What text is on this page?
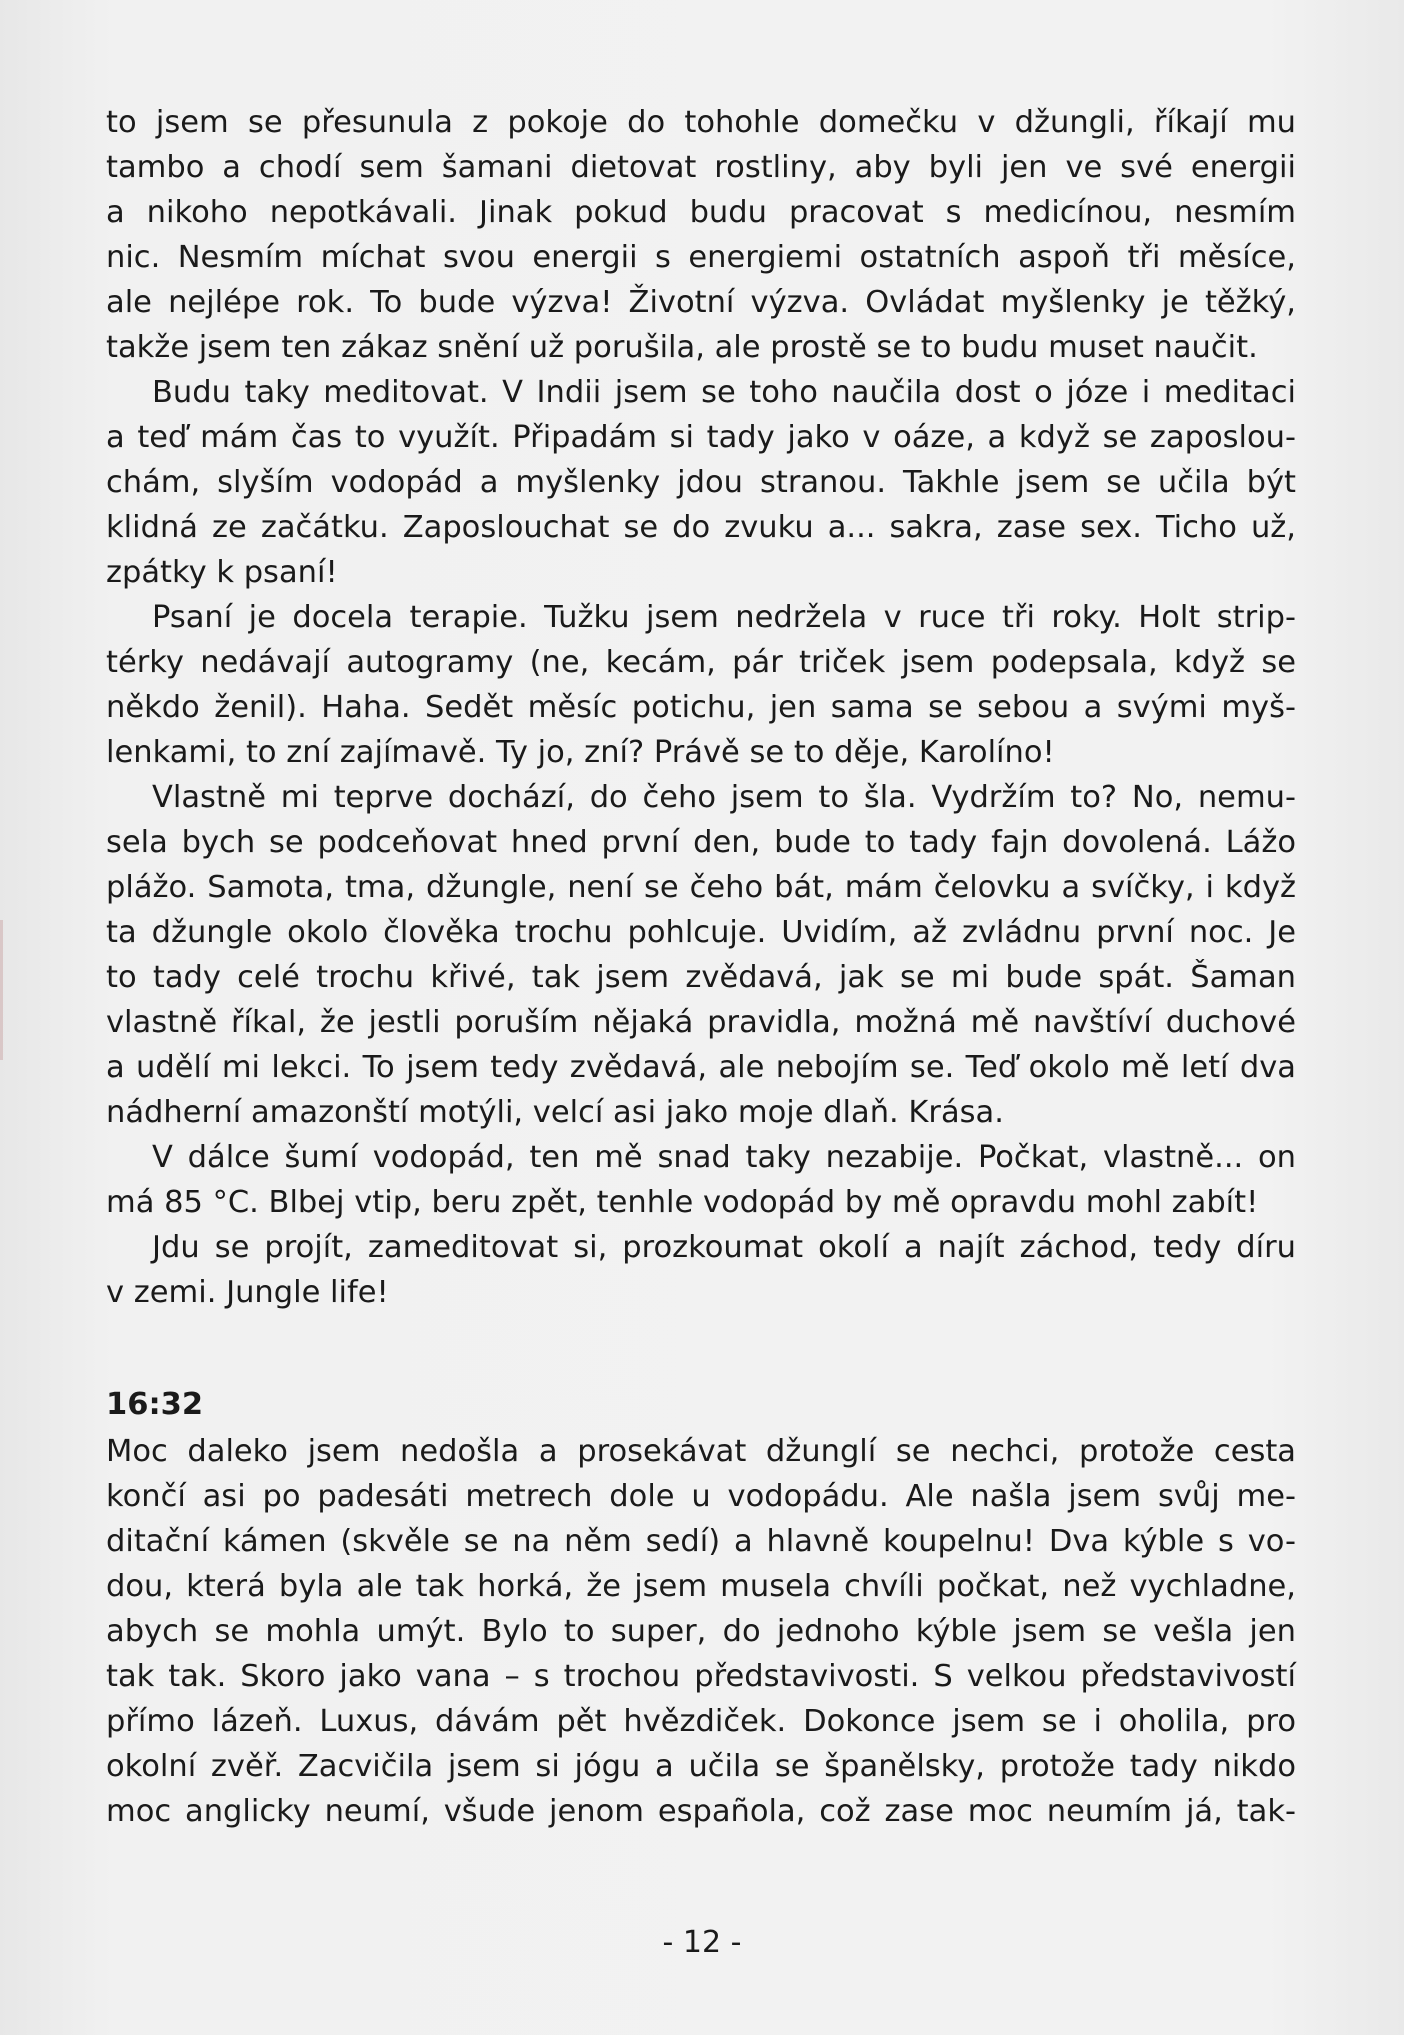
to jsem se přesunula z pokoje do tohohle domečku v džungli, říkají mu
tambo a chodí sem šamani dietovat rostliny, aby byli jen ve své energii
a nikoho nepotkávali. Jinak pokud budu pracovat s medicínou, nesmím
nic. Nesmím míchat svou energii s energiemi ostatních aspoň tři měsíce,
ale nejlépe rok. To bude výzva! Životní výzva. Ovládat myšlenky je těžký,
takže jsem ten zákaz snění už porušila, ale prostě se to budu muset naučit.
Budu taky meditovat. V Indii jsem se toho naučila dost o józe i meditaci
a teď mám čas to využít. Připadám si tady jako v oáze, a když se zaposlou-
chám, slyším vodopád a myšlenky jdou stranou. Takhle jsem se učila být
klidná ze začátku. Zaposlouchat se do zvuku a... sakra, zase sex. Ticho už,
zpátky k psaní!
Psaní je docela terapie. Tužku jsem nedržela v ruce tři roky. Holt strip-
térky nedávají autogramy (ne, kecám, pár triček jsem podepsala, když se
někdo ženil). Haha. Sedět měsíc potichu, jen sama se sebou a svými myš-
lenkami, to zní zajímavě. Ty jo, zní? Právě se to děje, Karolíno!
Vlastně mi teprve dochází, do čeho jsem to šla. Vydržím to? No, nemu-
sela bych se podceňovat hned první den, bude to tady fajn dovolená. Lážo
plážo. Samota, tma, džungle, není se čeho bát, mám čelovku a svíčky, i když
ta džungle okolo člověka trochu pohlcuje. Uvidím, až zvládnu první noc. Je
to tady celé trochu křivé, tak jsem zvědavá, jak se mi bude spát. Šaman
vlastně říkal, že jestli poruším nějaká pravidla, možná mě navštíví duchové
a udělí mi lekci. To jsem tedy zvědavá, ale nebojím se. Teď okolo mě letí dva
nádherní amazonští motýli, velcí asi jako moje dlaň. Krása.
V dálce šumí vodopád, ten mě snad taky nezabije. Počkat, vlastně... on
má 85 °C. Blbej vtip, beru zpět, tenhle vodopád by mě opravdu mohl zabít!
Jdu se projít, zameditovat si, prozkoumat okolí a najít záchod, tedy díru
v zemi. Jungle life!
16:32
Moc daleko jsem nedošla a prosekávat džunglí se nechci, protože cesta
končí asi po padesáti metrech dole u vodopádu. Ale našla jsem svůj me-
ditační kámen (skvěle se na něm sedí) a hlavně koupelnu! Dva kýble s vo-
dou, která byla ale tak horká, že jsem musela chvíli počkat, než vychladne,
abych se mohla umýt. Bylo to super, do jednoho kýble jsem se vešla jen
tak tak. Skoro jako vana – s trochou představivosti. S velkou představivostí
přímo lázeň. Luxus, dávám pět hvězdiček. Dokonce jsem se i oholila, pro
okolní zvěř. Zacvičila jsem si jógu a učila se španělsky, protože tady nikdo
moc anglicky neumí, všude jenom española, což zase moc neumím já, tak-
- 12 -
